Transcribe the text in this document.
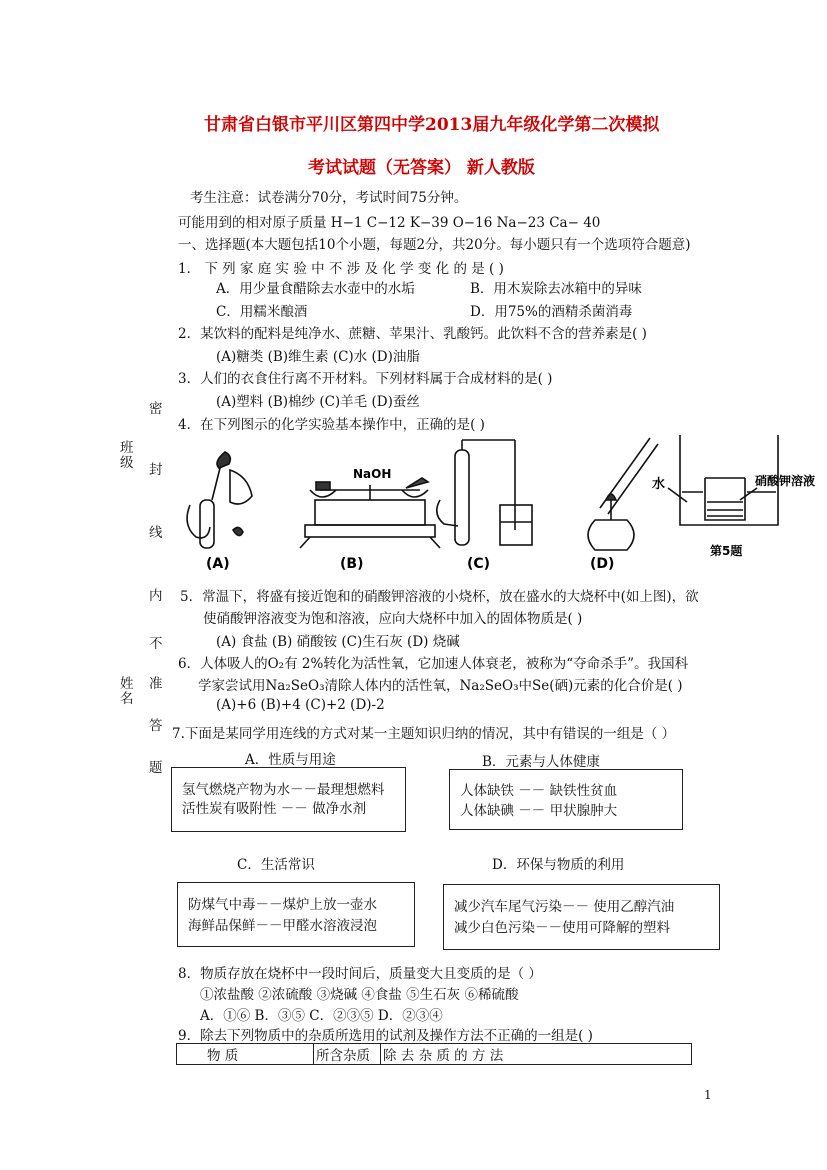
甘肃省白银市平川区第四中学2013届九年级化学第二次模拟
考试试题（无答案） 新人教版
考生注意：试卷满分70分，考试时间75分钟。
可能用到的相对原子质量 H−1 C−12 K−39 O−16 Na−23 Ca− 40
一、选择题(本大题包括10个小题，每题2分，共20分。每小题只有一个选项符合题意)
密
封
线
内
不
准
答
题
班
级
姓
名
1． 下 列 家 庭 实 验 中 不 涉 及 化 学 变 化 的 是 ( )
A．用少量食醋除去水壶中的水垢	B．用木炭除去冰箱中的异味
C．用糯米酿酒	D．用75%的酒精杀菌消毒
2．某饮料的配料是纯净水、蔗糖、苹果汁、乳酸钙。此饮料不含的营养素是( )
(A)糖类 (B)维生素 (C)水 (D)油脂
3．人们的衣食住行离不开材料。下列材料属于合成材料的是( )
(A)塑料 (B)棉纱 (C)羊毛 (D)蚕丝
4．在下列图示的化学实验基本操作中，正确的是( )
NaOH
水	硝酸钾溶液
(A)	(B)	(C)	(D)
第5题
5．常温下，将盛有接近饱和的硝酸钾溶液的小烧杯，放在盛水的大烧杯中(如上图)，欲
使硝酸钾溶液变为饱和溶液，应向大烧杯中加入的固体物质是( )
(A) 食盐 (B) 硝酸铵 (C)生石灰 (D) 烧碱
6．人体吸人的O₂有 2%转化为活性氧，它加速人体衰老，被称为“夺命杀手”。我国科
学家尝试用Na₂SeO₃清除人体内的活性氧，Na₂SeO₃中Se(硒)元素的化合价是( )
(A)+6 (B)+4 (C)+2 (D)-2
7.下面是某同学用连线的方式对某一主题知识归纳的情况，其中有错误的一组是（ ）
A．性质与用途	B．元素与人体健康
氢气燃烧产物为水－－最理想燃料
活性炭有吸附性 －－ 做净水剂
人体缺铁 －－ 缺铁性贫血
人体缺碘 －－ 甲状腺肿大
C．生活常识	D．环保与物质的利用
防煤气中毒－－煤炉上放一壶水
海鲜品保鲜－－甲醛水溶液浸泡
减少汽车尾气污染－－ 使用乙醇汽油
减少白色污染－－使用可降解的塑料
8．物质存放在烧杯中一段时间后，质量变大且变质的是（ ）
①浓盐酸 ②浓硫酸 ③烧碱 ④食盐 ⑤生石灰 ⑥稀硫酸
A．①⑥ B．③⑤ C．②③⑤ D．②③④
9．除去下列物质中的杂质所选用的试剂及操作方法不正确的一组是( )
物 质	所含杂质	除 去 杂 质 的 方 法
1
